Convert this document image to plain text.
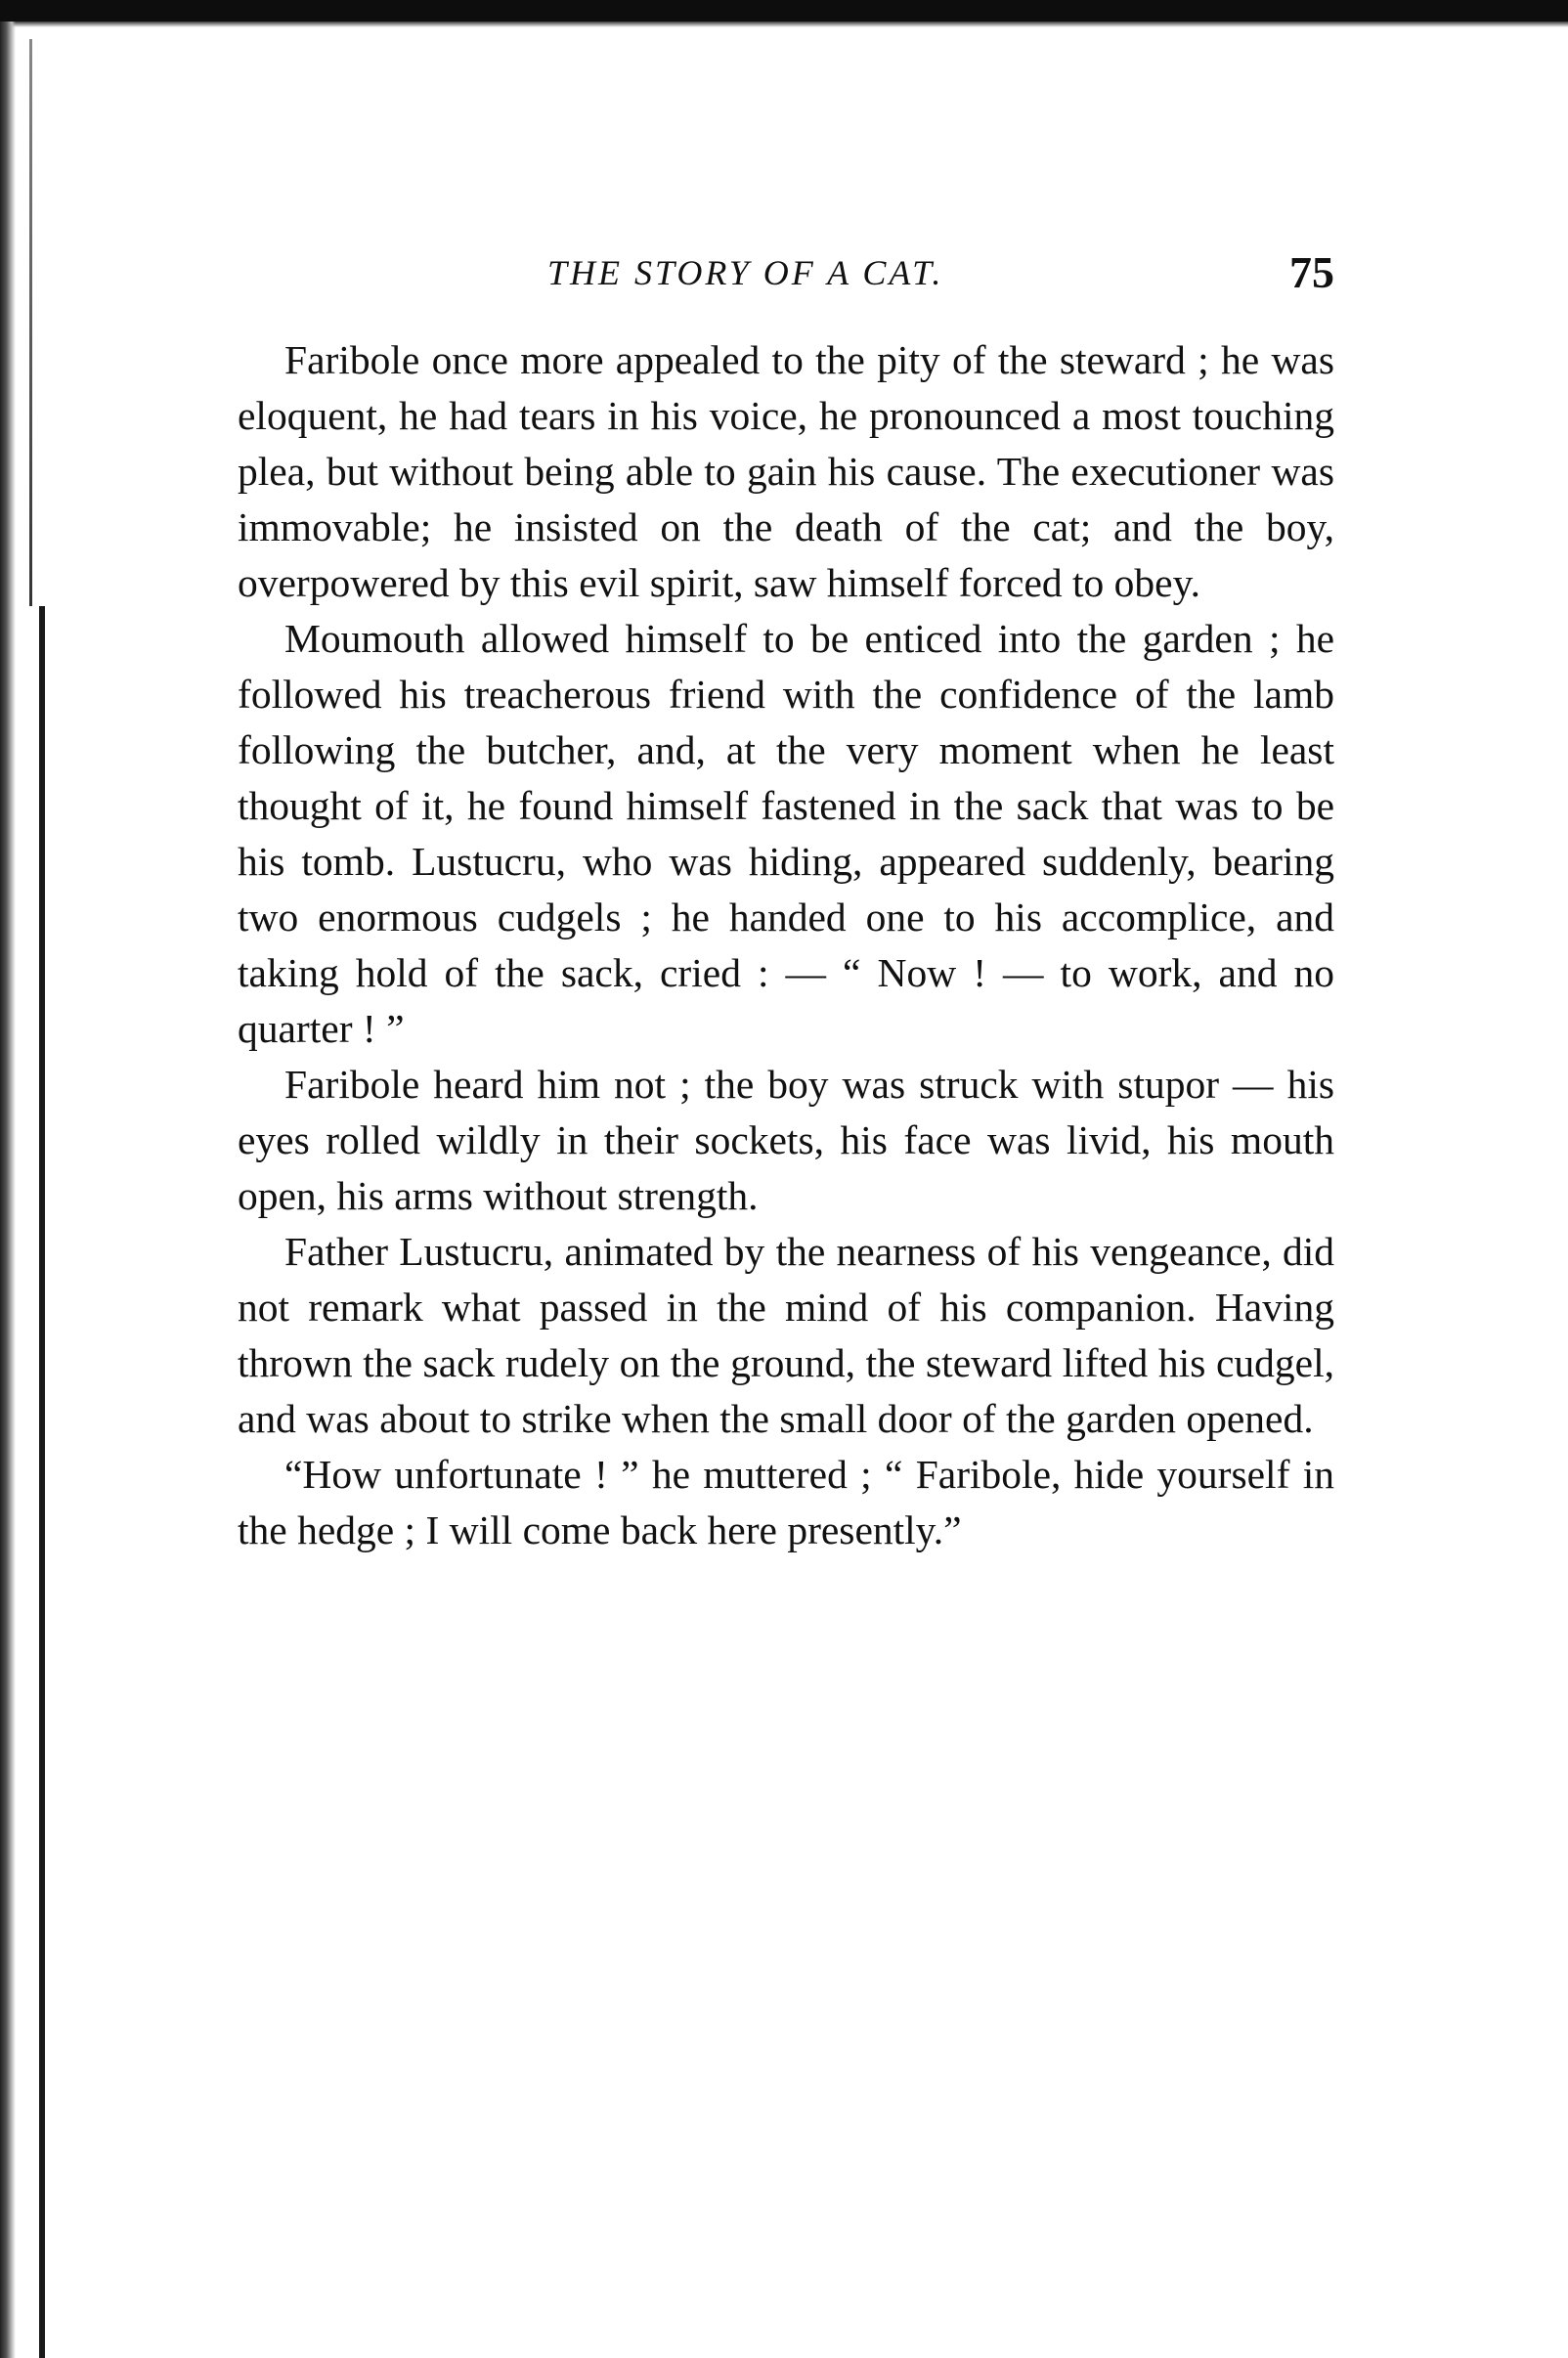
THE STORY OF A CAT.	75

Faribole once more appealed to the pity of the steward ; he was eloquent, he had tears in his voice, he pronounced a most touching plea, but without being able to gain his cause. The executioner was immovable; he insisted on the death of the cat; and the boy, overpowered by this evil spirit, saw himself forced to obey.

Moumouth allowed himself to be enticed into the garden ; he followed his treacherous friend with the confidence of the lamb following the butcher, and, at the very moment when he least thought of it, he found himself fastened in the sack that was to be his tomb. Lustucru, who was hiding, appeared suddenly, bearing two enormous cudgels ; he handed one to his accomplice, and taking hold of the sack, cried : — “ Now ! — to work, and no quarter ! ”

Faribole heard him not ; the boy was struck with stupor — his eyes rolled wildly in their sockets, his face was livid, his mouth open, his arms without strength.

Father Lustucru, animated by the nearness of his vengeance, did not remark what passed in the mind of his companion. Having thrown the sack rudely on the ground, the steward lifted his cudgel, and was about to strike when the small door of the garden opened.

“How unfortunate ! ” he muttered ; “ Faribole, hide yourself in the hedge ; I will come back here presently.”
